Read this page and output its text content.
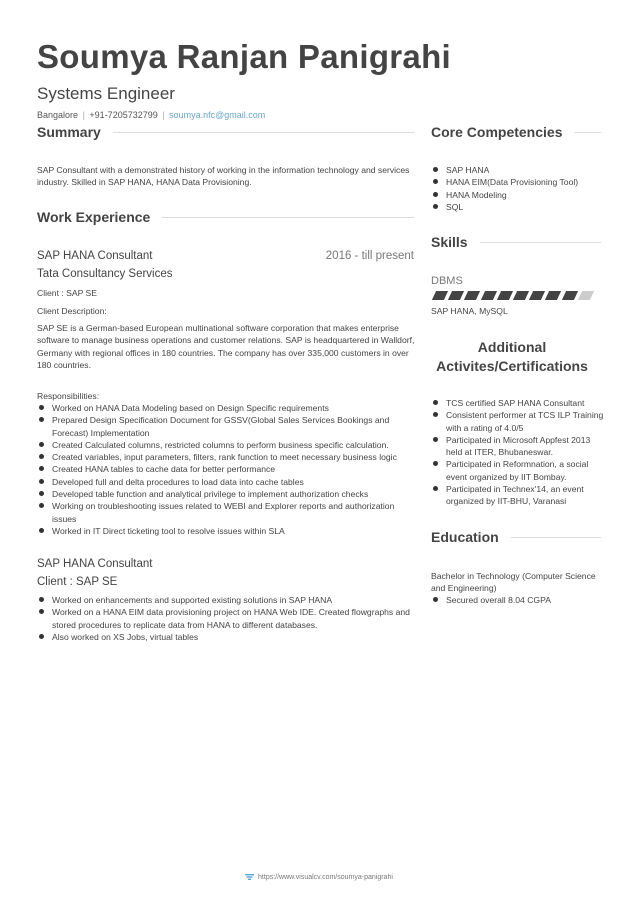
Soumya Ranjan Panigrahi
Systems Engineer
Bangalore | +91-7205732799 | soumya.nfc@gmail.com
Summary
SAP Consultant with a demonstrated history of working in the information technology and services industry. Skilled in SAP HANA, HANA Data Provisioning.
Work Experience
SAP HANA Consultant	2016 - till present
Tata Consultancy Services
Client : SAP SE
Client Description:
SAP SE is a German-based European multinational software corporation that makes enterprise software to manage business operations and customer relations. SAP is headquartered in Walldorf, Germany with regional offices in 180 countries. The company has over 335,000 customers in over 180 countries.
Responsibilities:
Worked on HANA Data Modeling based on Design Specific requirements
Prepared Design Specification Document for GSSV(Global Sales Services Bookings and Forecast) Implementation
Created Calculated columns, restricted columns to perform business specific calculation.
Created variables, input parameters, filters, rank function to meet necessary business logic
Created HANA tables to cache data for better performance
Developed full and delta procedures to load data into cache tables
Developed table function and analytical privilege to implement authorization checks
Working on troubleshooting issues related to WEBI and Explorer reports and authorization issues
Worked in IT Direct ticketing tool to resolve issues within SLA
SAP HANA Consultant
Client : SAP SE
Worked on enhancements and supported existing solutions in SAP HANA
Worked on a HANA EIM data provisioning project on HANA Web IDE. Created flowgraphs and stored procedures to replicate data from HANA to different databases.
Also worked on XS Jobs, virtual tables
Core Competencies
SAP HANA
HANA EIM(Data Provisioning Tool)
HANA Modeling
SQL
Skills
DBMS
SAP HANA, MySQL
Additional
Activites/Certifications
TCS certified SAP HANA Consultant
Consistent performer at TCS ILP Training with a rating of 4.0/5
Participated in Microsoft Appfest 2013 held at ITER, Bhubaneswar.
Participated in Reformnation, a social event organized by IIT Bombay.
Participated in Technex'14, an event organized by IIT-BHU, Varanasi
Education
Bachelor in Technology (Computer Science and Engineering)
Secured overall 8.04 CGPA
https://www.visualcv.com/soumya-panigrahi
